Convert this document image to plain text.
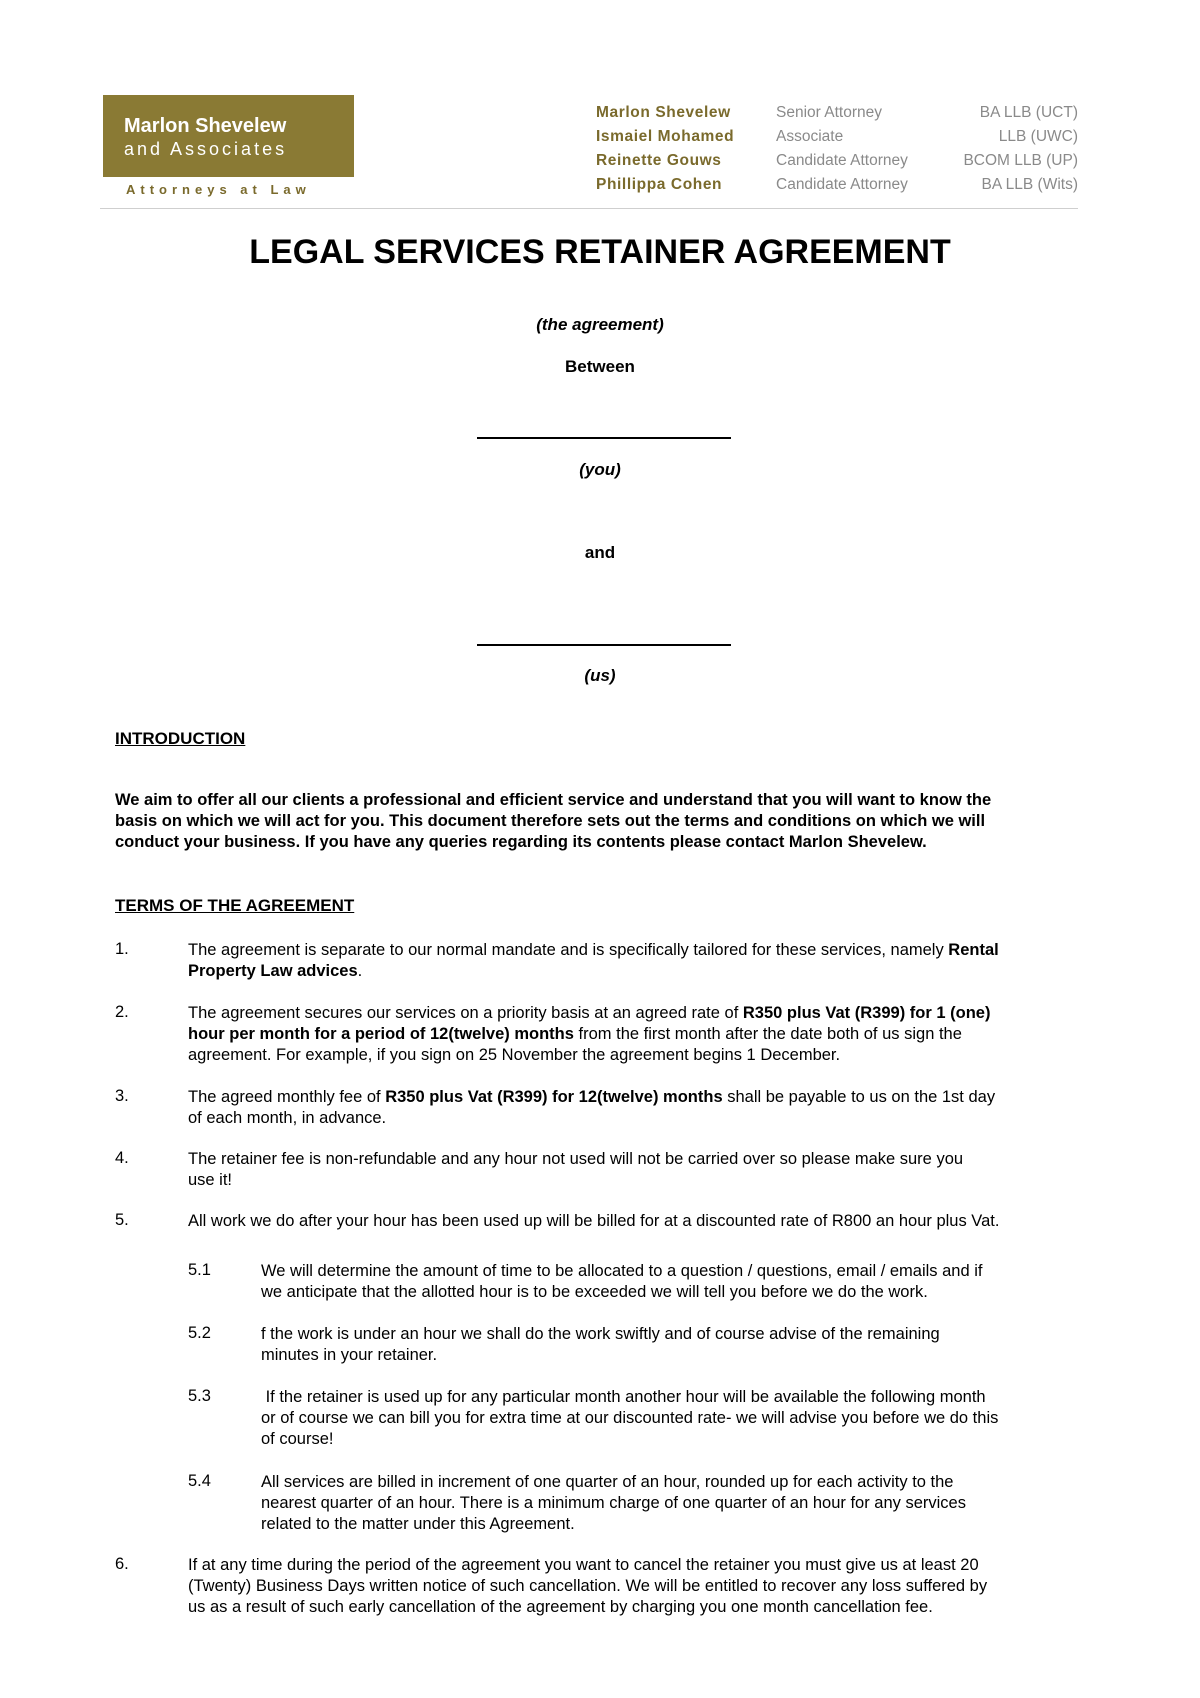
Marlon Shevelew
and Associates
Attorneys at Law
Marlon Shevelew	Senior Attorney	BA LLB (UCT)
Ismaiel Mohamed	Associate	LLB (UWC)
Reinette Gouws	Candidate Attorney	BCOM LLB (UP)
Phillippa Cohen	Candidate Attorney	BA LLB (Wits)
LEGAL SERVICES RETAINER AGREEMENT
(the agreement)
Between
(you)
and
(us)
INTRODUCTION
We aim to offer all our clients a professional and efficient service and understand that you will want to know the
basis on which we will act for you. This document therefore sets out the terms and conditions on which we will
conduct your business. If you have any queries regarding its contents please contact Marlon Shevelew.
TERMS OF THE AGREEMENT
1.	The agreement is separate to our normal mandate and is specifically tailored for these services, namely Rental
Property Law advices.
2.	The agreement secures our services on a priority basis at an agreed rate of R350 plus Vat (R399) for 1 (one)
hour per month for a period of 12(twelve) months from the first month after the date both of us sign the
agreement. For example, if you sign on 25 November the agreement begins 1 December.
3.	The agreed monthly fee of R350 plus Vat (R399) for 12(twelve) months shall be payable to us on the 1st day
of each month, in advance.
4.	The retainer fee is non-refundable and any hour not used will not be carried over so please make sure you
use it!
5.	All work we do after your hour has been used up will be billed for at a discounted rate of R800 an hour plus Vat.
5.1	We will determine the amount of time to be allocated to a question / questions, email / emails and if
we anticipate that the allotted hour is to be exceeded we will tell you before we do the work.
5.2	f the work is under an hour we shall do the work swiftly and of course advise of the remaining
minutes in your retainer.
5.3	If the retainer is used up for any particular month another hour will be available the following month
or of course we can bill you for extra time at our discounted rate- we will advise you before we do this
of course!
5.4	All services are billed in increment of one quarter of an hour, rounded up for each activity to the
nearest quarter of an hour. There is a minimum charge of one quarter of an hour for any services
related to the matter under this Agreement.
6.	If at any time during the period of the agreement you want to cancel the retainer you must give us at least 20
(Twenty) Business Days written notice of such cancellation. We will be entitled to recover any loss suffered by
us as a result of such early cancellation of the agreement by charging you one month cancellation fee.
